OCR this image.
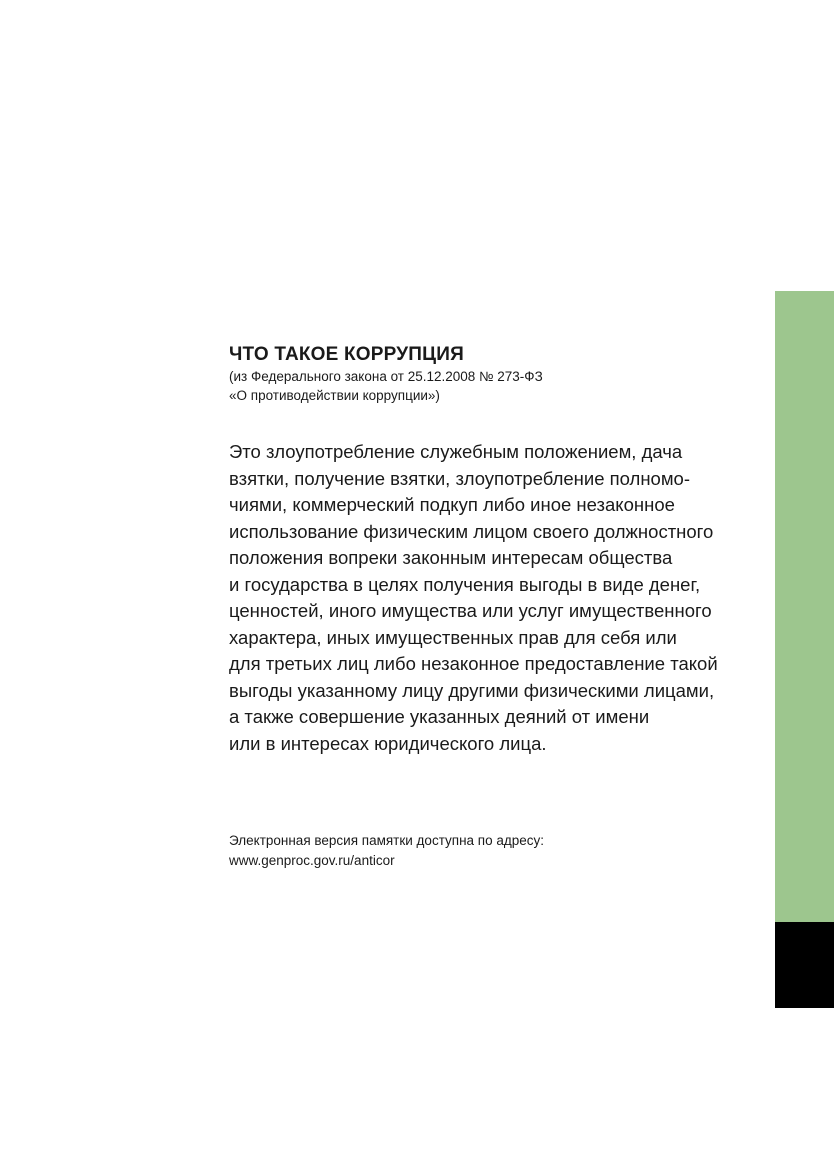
ЧТО ТАКОЕ КОРРУПЦИЯ
(из Федерального закона от 25.12.2008 № 273-ФЗ
«О противодействии коррупции»)
Это злоупотребление служебным положением, дача
взятки, получение взятки, злоупотребление полномо-
чиями, коммерческий подкуп либо иное незаконное
использование физическим лицом своего должностного
положения вопреки законным интересам общества
и государства в целях получения выгоды в виде денег,
ценностей, иного имущества или услуг имущественного
характера, иных имущественных прав для себя или
для третьих лиц либо незаконное предоставление такой
выгоды указанному лицу другими физическими лицами,
а также совершение указанных деяний от имени
или в интересах юридического лица.
Электронная версия памятки доступна по адресу:
www.genproc.gov.ru/anticor
